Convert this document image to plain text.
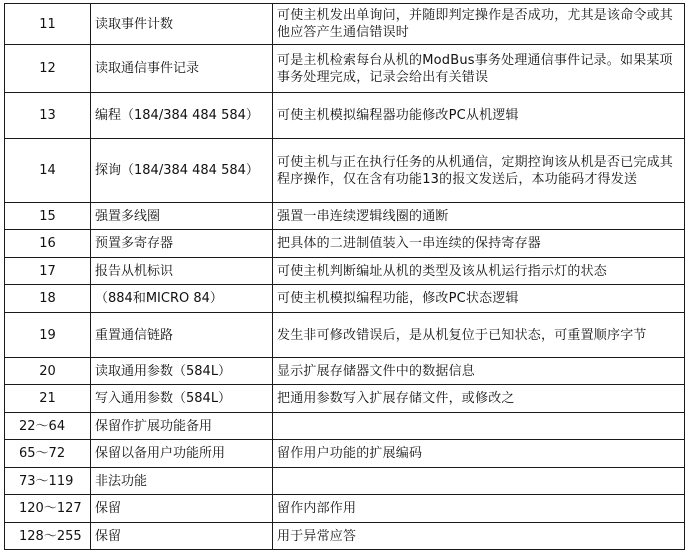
11	读取事件计数	可使主机发出单询问，并随即判定操作是否成功，尤其是该命令或其他应答产生通信错误时
12	读取通信事件记录	可是主机检索每台从机的ModBus事务处理通信事件记录。如果某项事务处理完成，记录会给出有关错误
13	编程（184/384 484 584）	可使主机模拟编程器功能修改PC从机逻辑
14	探询（184/384 484 584）	可使主机与正在执行任务的从机通信，定期控询该从机是否已完成其程序操作，仅在含有功能13的报文发送后，本功能码才得发送
15	强置多线圈	强置一串连续逻辑线圈的通断
16	预置多寄存器	把具体的二进制值装入一串连续的保持寄存器
17	报告从机标识	可使主机判断编址从机的类型及该从机运行指示灯的状态
18	（884和MICRO 84）	可使主机模拟编程功能，修改PC状态逻辑
19	重置通信链路	发生非可修改错误后，是从机复位于已知状态，可重置顺序字节
20	读取通用参数（584L）	显示扩展存储器文件中的数据信息
21	写入通用参数（584L）	把通用参数写入扩展存储文件，或修改之
22～64	保留作扩展功能备用	
65～72	保留以备用户功能所用	留作用户功能的扩展编码
73～119	非法功能	
120～127	保留	留作内部作用
128～255	保留	用于异常应答
